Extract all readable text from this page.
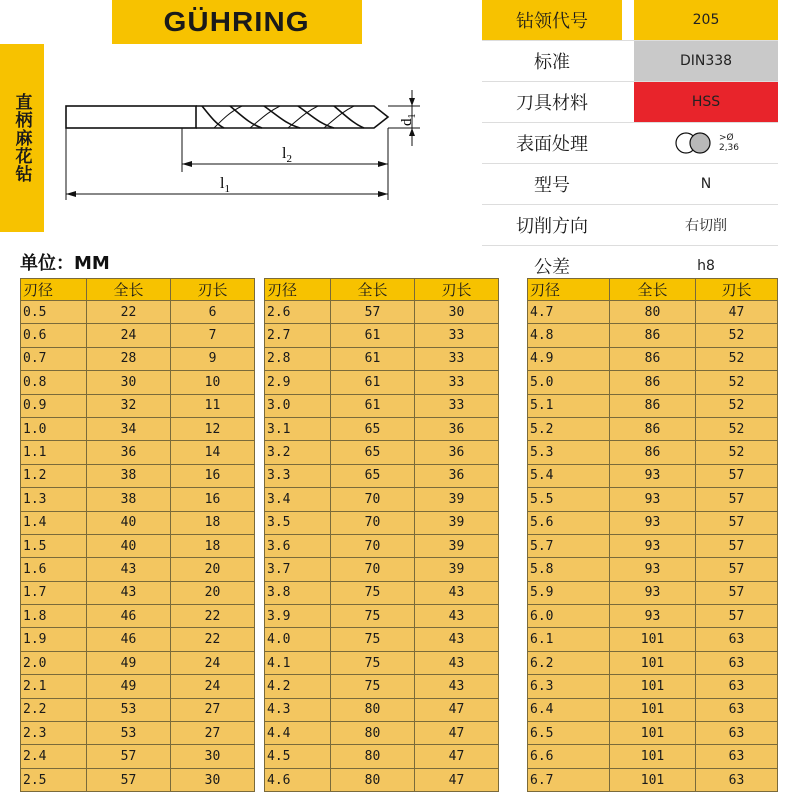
GÜHRING
直柄麻花钻	$l_2$
$l_1$
$d_1$
钻领代号	205
标准	DIN338
刀具材料	HSS
表面处理	>Ø
2,36
型号	N
切削方向	右切削
公差	h8
单位：MM
刃径	全长	刃长
0.5	22	6
0.6	24	7
0.7	28	9
0.8	30	10
0.9	32	11
1.0	34	12
1.1	36	14
1.2	38	16
1.3	38	16
1.4	40	18
1.5	40	18
1.6	43	20
1.7	43	20
1.8	46	22
1.9	46	22
2.0	49	24
2.1	49	24
2.2	53	27
2.3	53	27
2.4	57	30
2.5	57	30
刃径	全长	刃长
2.6	57	30
2.7	61	33
2.8	61	33
2.9	61	33
3.0	61	33
3.1	65	36
3.2	65	36
3.3	65	36
3.4	70	39
3.5	70	39
3.6	70	39
3.7	70	39
3.8	75	43
3.9	75	43
4.0	75	43
4.1	75	43
4.2	75	43
4.3	80	47
4.4	80	47
4.5	80	47
4.6	80	47
刃径	全长	刃长
4.7	80	47
4.8	86	52
4.9	86	52
5.0	86	52
5.1	86	52
5.2	86	52
5.3	86	52
5.4	93	57
5.5	93	57
5.6	93	57
5.7	93	57
5.8	93	57
5.9	93	57
6.0	93	57
6.1	101	63
6.2	101	63
6.3	101	63
6.4	101	63
6.5	101	63
6.6	101	63
6.7	101	63
